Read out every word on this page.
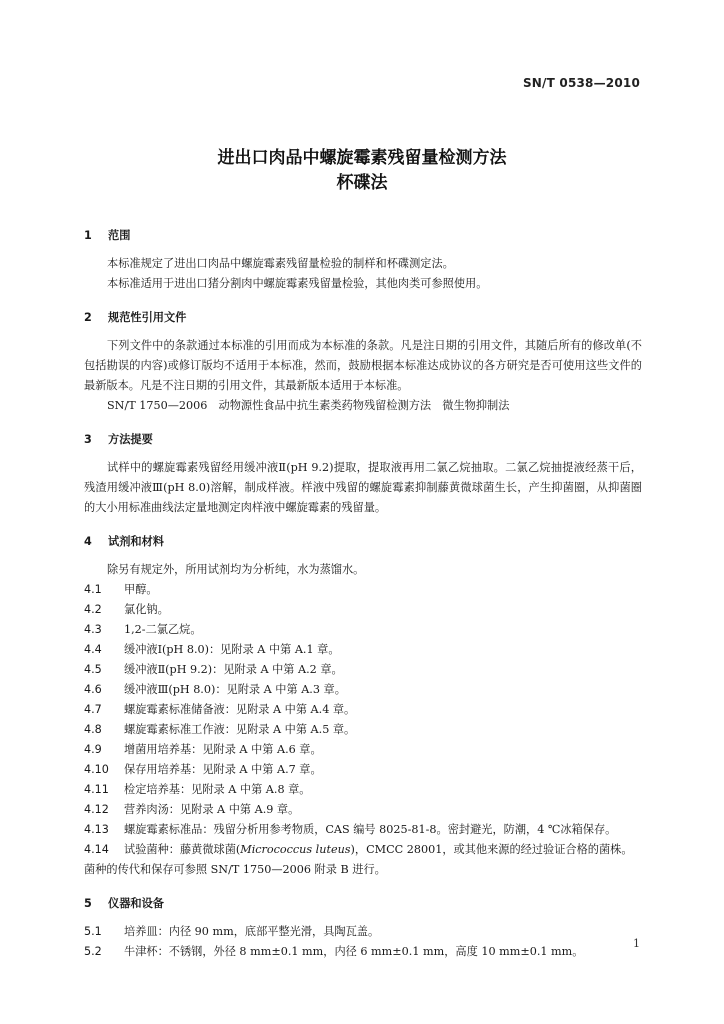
SN/T 0538—2010
进出口肉品中螺旋霉素残留量检测方法
杯碟法
1 范围
本标准规定了进出口肉品中螺旋霉素残留量检验的制样和杯碟测定法。
本标准适用于进出口猪分割肉中螺旋霉素残留量检验，其他肉类可参照使用。
2 规范性引用文件
下列文件中的条款通过本标准的引用而成为本标准的条款。凡是注日期的引用文件，其随后所有的修改单(不包括勘误的内容)或修订版均不适用于本标准，然而，鼓励根据本标准达成协议的各方研究是否可使用这些文件的最新版本。凡是不注日期的引用文件，其最新版本适用于本标准。
SN/T 1750—2006　动物源性食品中抗生素类药物残留检测方法　微生物抑制法
3 方法提要
试样中的螺旋霉素残留经用缓冲液Ⅱ(pH 9.2)提取，提取液再用二氯乙烷抽取。二氯乙烷抽提液经蒸干后，残渣用缓冲液Ⅲ(pH 8.0)溶解，制成样液。样液中残留的螺旋霉素抑制藤黄微球菌生长，产生抑菌圈，从抑菌圈的大小用标准曲线法定量地测定肉样液中螺旋霉素的残留量。
4 试剂和材料
除另有规定外，所用试剂均为分析纯，水为蒸馏水。
4.1 甲醇。
4.2 氯化钠。
4.3 1,2-二氯乙烷。
4.4 缓冲液Ⅰ(pH 8.0)：见附录 A 中第 A.1 章。
4.5 缓冲液Ⅱ(pH 9.2)：见附录 A 中第 A.2 章。
4.6 缓冲液Ⅲ(pH 8.0)：见附录 A 中第 A.3 章。
4.7 螺旋霉素标准储备液：见附录 A 中第 A.4 章。
4.8 螺旋霉素标准工作液：见附录 A 中第 A.5 章。
4.9 增菌用培养基：见附录 A 中第 A.6 章。
4.10 保存用培养基：见附录 A 中第 A.7 章。
4.11 检定培养基：见附录 A 中第 A.8 章。
4.12 营养肉汤：见附录 A 中第 A.9 章。
4.13 螺旋霉素标准品：残留分析用参考物质，CAS 编号 8025-81-8。密封避光，防潮，4 ℃冰箱保存。
4.14 试验菌种：藤黄微球菌(Micrococcus luteus)，CMCC 28001，或其他来源的经过验证合格的菌株。菌种的传代和保存可参照 SN/T 1750—2006 附录 B 进行。
5 仪器和设备
5.1 培养皿：内径 90 mm，底部平整光滑，具陶瓦盖。
5.2 牛津杯：不锈钢，外径 8 mm±0.1 mm，内径 6 mm±0.1 mm，高度 10 mm±0.1 mm。
1
